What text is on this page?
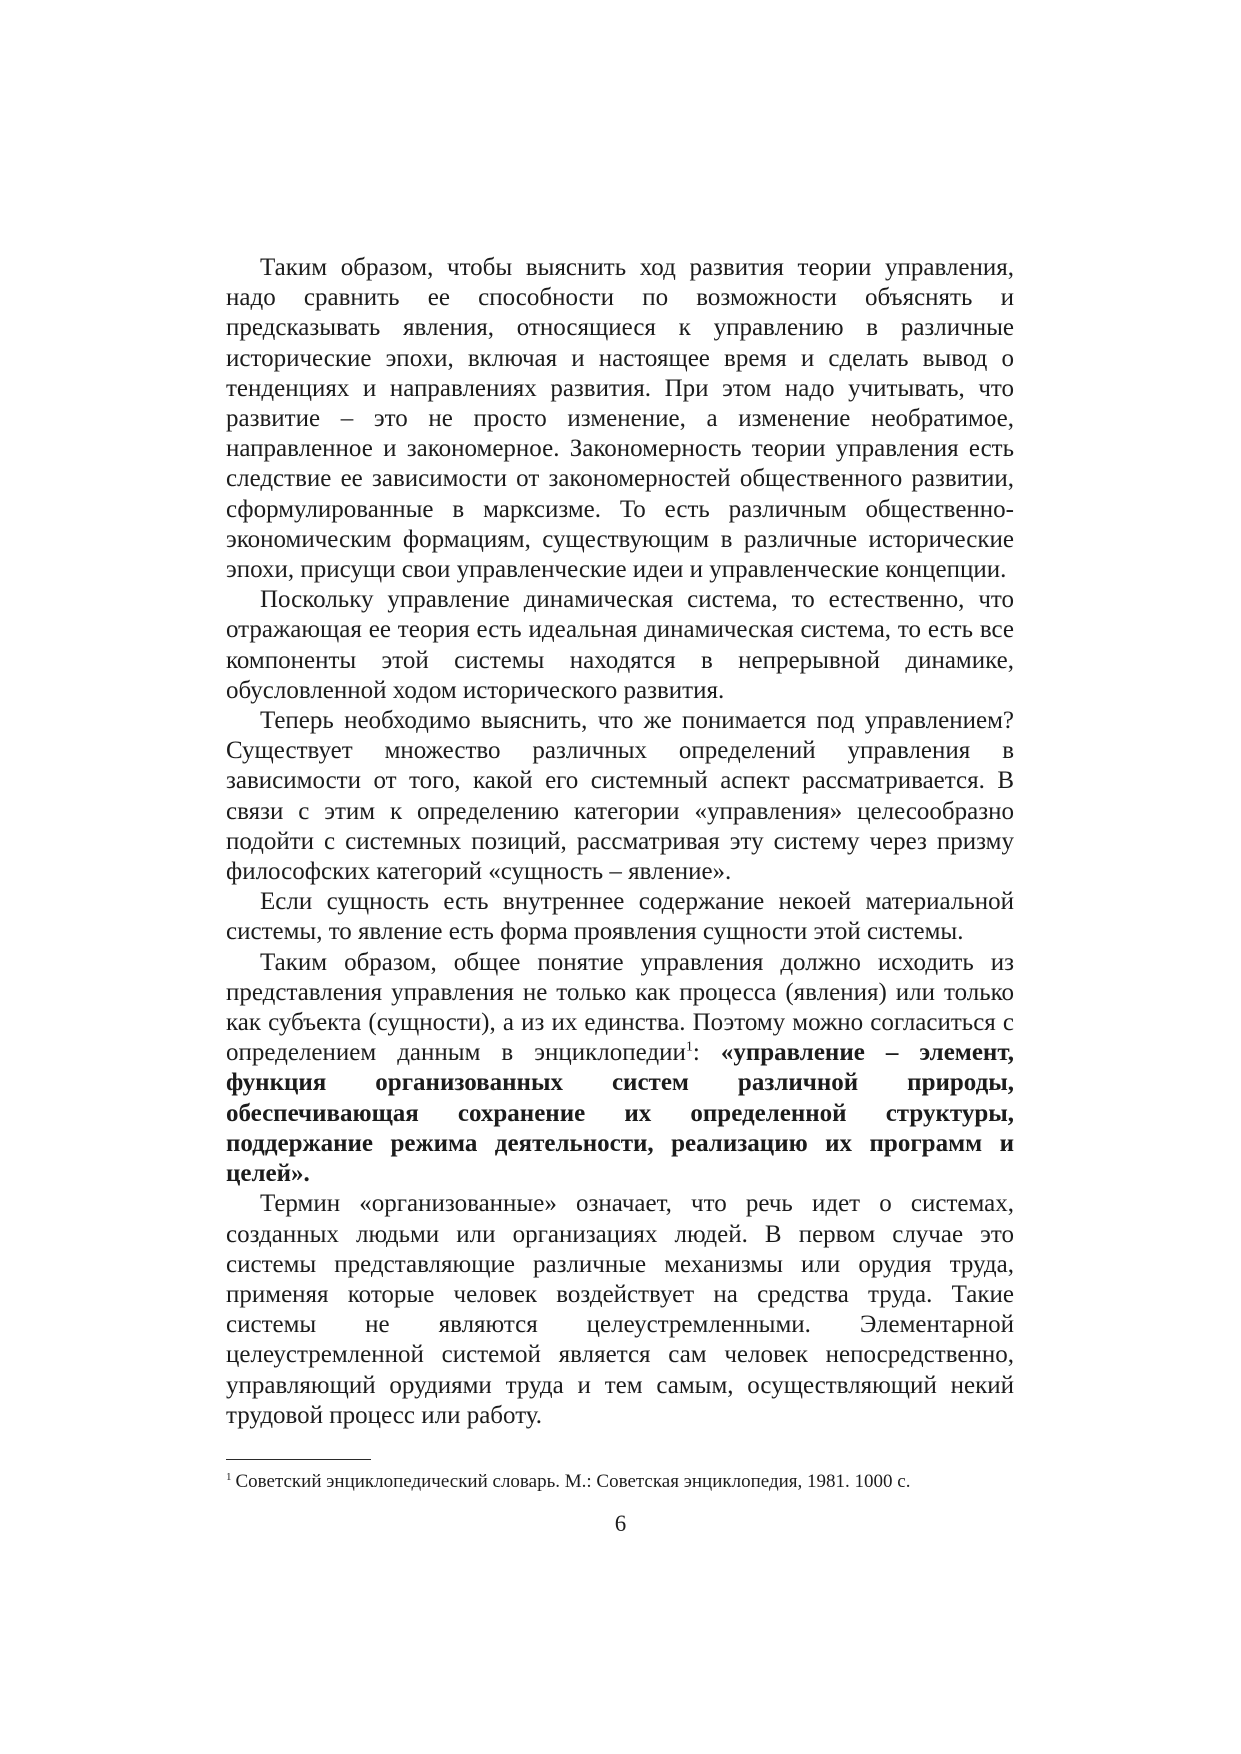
Таким образом, чтобы выяснить ход развития теории управления, надо сравнить ее способности по возможности объяснять и предсказывать явления, относящиеся к управлению в различные исторические эпохи, включая и настоящее время и сделать вывод о тенденциях и направлениях развития. При этом надо учитывать, что развитие – это не просто изменение, а изменение необратимое, направленное и закономерное. Закономерность теории управления есть следствие ее зависимости от закономерностей общественного развитии, сформулированные в марксизме. То есть различным общественно-экономическим формациям, существующим в различные исторические эпохи, присущи свои управленческие идеи и управленческие концепции.

Поскольку управление динамическая система, то естественно, что отражающая ее теория есть идеальная динамическая система, то есть все компоненты этой системы находятся в непрерывной динамике, обусловленной ходом исторического развития.

Теперь необходимо выяснить, что же понимается под управлением? Существует множество различных определений управления в зависимости от того, какой его системный аспект рассматривается. В связи с этим к определению категории «управления» целесообразно подойти с системных позиций, рассматривая эту систему через призму философских категорий «сущность – явление».

Если сущность есть внутреннее содержание некоей материальной системы, то явление есть форма проявления сущности этой системы.

Таким образом, общее понятие управления должно исходить из представления управления не только как процесса (явления) или только как субъекта (сущности), а из их единства. Поэтому можно согласиться с определением данным в энциклопедии$^1$: «управление – элемент, функция организованных систем различной природы, обеспечивающая сохранение их определенной структуры, поддержание режима деятельности, реализацию их программ и целей».

Термин «организованные» означает, что речь идет о системах, созданных людьми или организациях людей. В первом случае это системы представляющие различные механизмы или орудия труда, применяя которые человек воздействует на средства труда. Такие системы не являются целеустремленными. Элементарной целеустремленной системой является сам человек непосредственно, управляющий орудиями труда и тем самым, осуществляющий некий трудовой процесс или работу.

$^1$ Советский энциклопедический словарь. М.: Советская энциклопедия, 1981. 1000 с.
6
